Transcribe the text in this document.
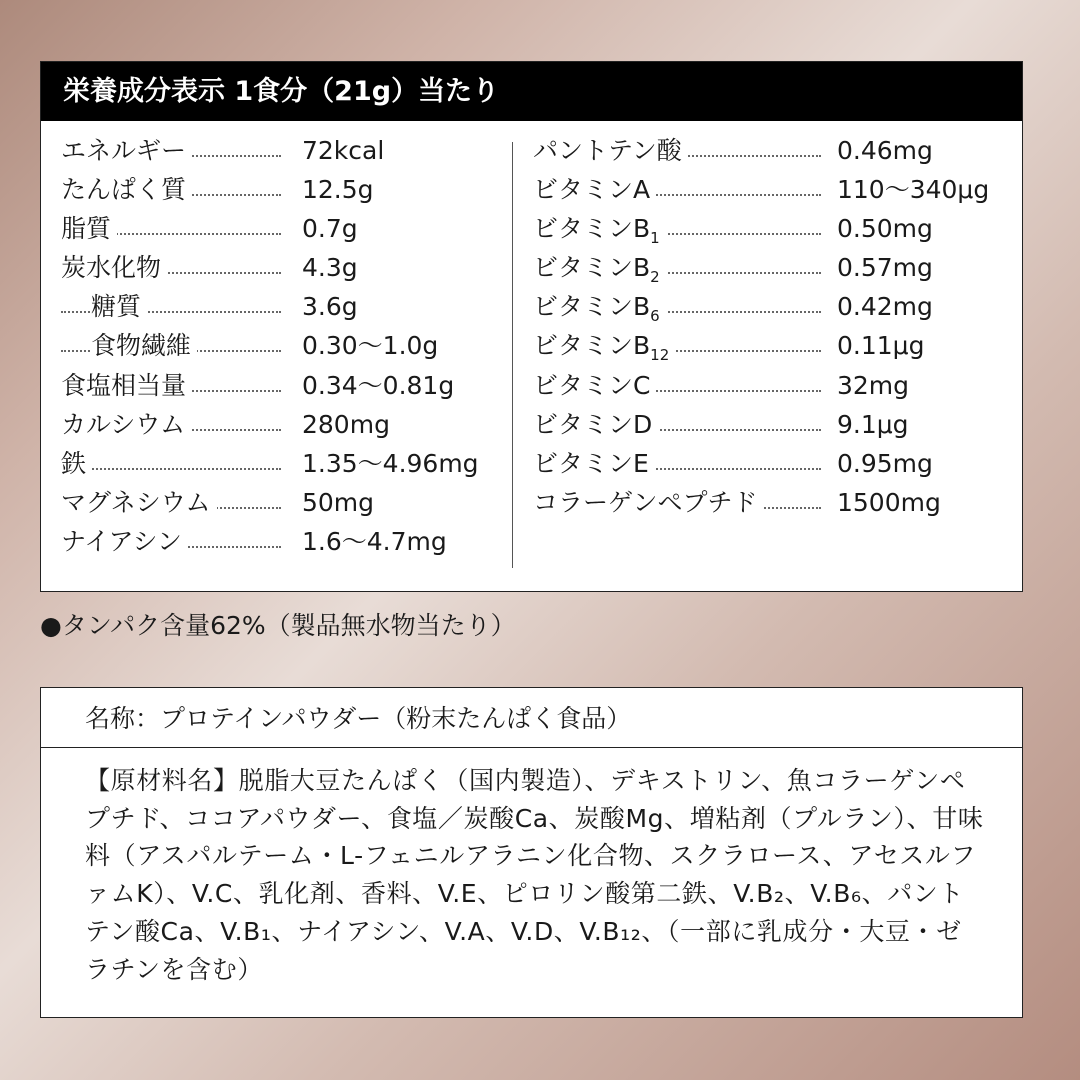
栄養成分表示 1食分（21g）当たり
エネルギー	72kcal
たんぱく質	12.5g
脂質	0.7g
炭水化物	4.3g
糖質	3.6g
食物繊維	0.30〜1.0g
食塩相当量	0.34〜0.81g
カルシウム	280mg
鉄	1.35〜4.96mg
マグネシウム	50mg
ナイアシン	1.6〜4.7mg
パントテン酸	0.46mg
ビタミンA	110〜340μg
ビタミン$B_1$	0.50mg
ビタミン$B_2$	0.57mg
ビタミン$B_6$	0.42mg
ビタミン$B_{12}$	0.11μg
ビタミンC	32mg
ビタミンD	9.1μg
ビタミンE	0.95mg
コラーゲンペプチド	1500mg
●タンパク含量62%（製品無水物当たり）
名称：プロテインパウダー（粉末たんぱく食品）
【原材料名】脱脂大豆たんぱく（国内製造）、デキストリン、魚コラーゲンペプチド、ココアパウダー、食塩／炭酸Ca、炭酸Mg、増粘剤（プルラン）、甘味料（アスパルテーム・L-フェニルアラニン化合物、スクラロース、アセスルファムK）、V.C、乳化剤、香料、V.E、ピロリン酸第二鉄、V.B₂、V.B₆、パントテン酸Ca、V.B₁、ナイアシン、V.A、V.D、V.B₁₂、（一部に乳成分・大豆・ゼラチンを含む）
